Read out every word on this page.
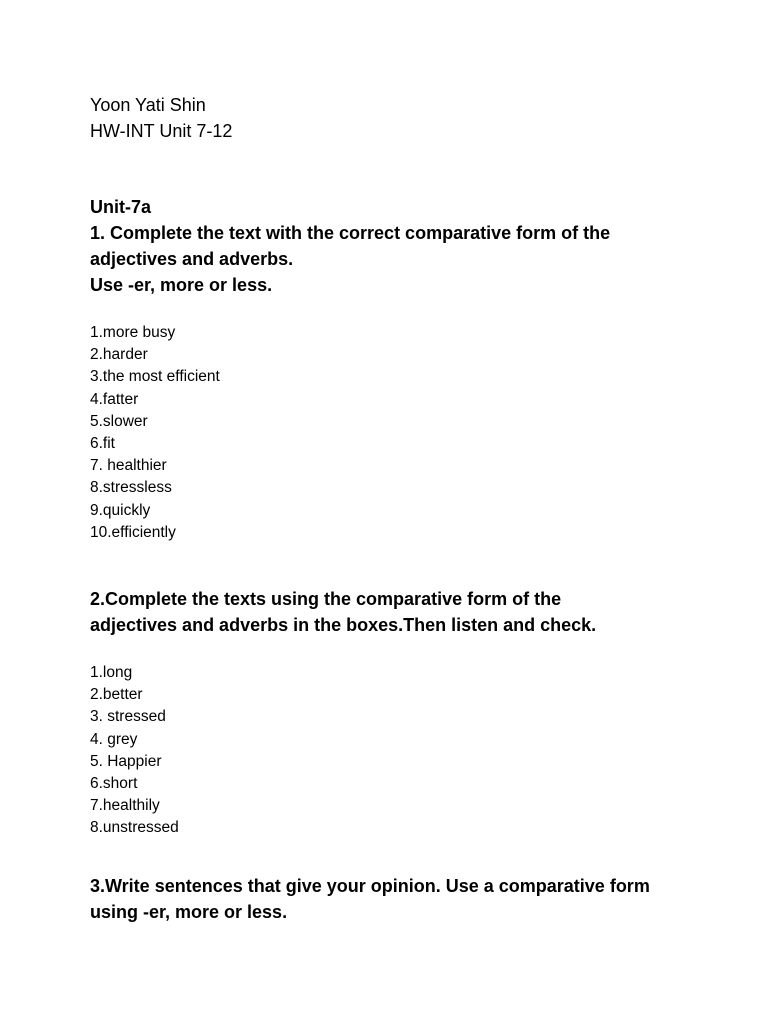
Yoon Yati Shin

HW-INT Unit 7-12

Unit-7a

1. Complete the text with the correct comparative form of the

adjectives and adverbs.

Use -er, more or less.

1.more busy
2.harder
3.the most efficient
4.fatter
5.slower
6.fit
7. healthier
8.stressless
9.quickly
10.efficiently

2.Complete the texts using the comparative form of the

adjectives and adverbs in the boxes.Then listen and check.

1.long
2.better
3. stressed
4. grey
5. Happier
6.short
7.healthily
8.unstressed

3.Write sentences that give your opinion. Use a comparative form

using -er, more or less.
